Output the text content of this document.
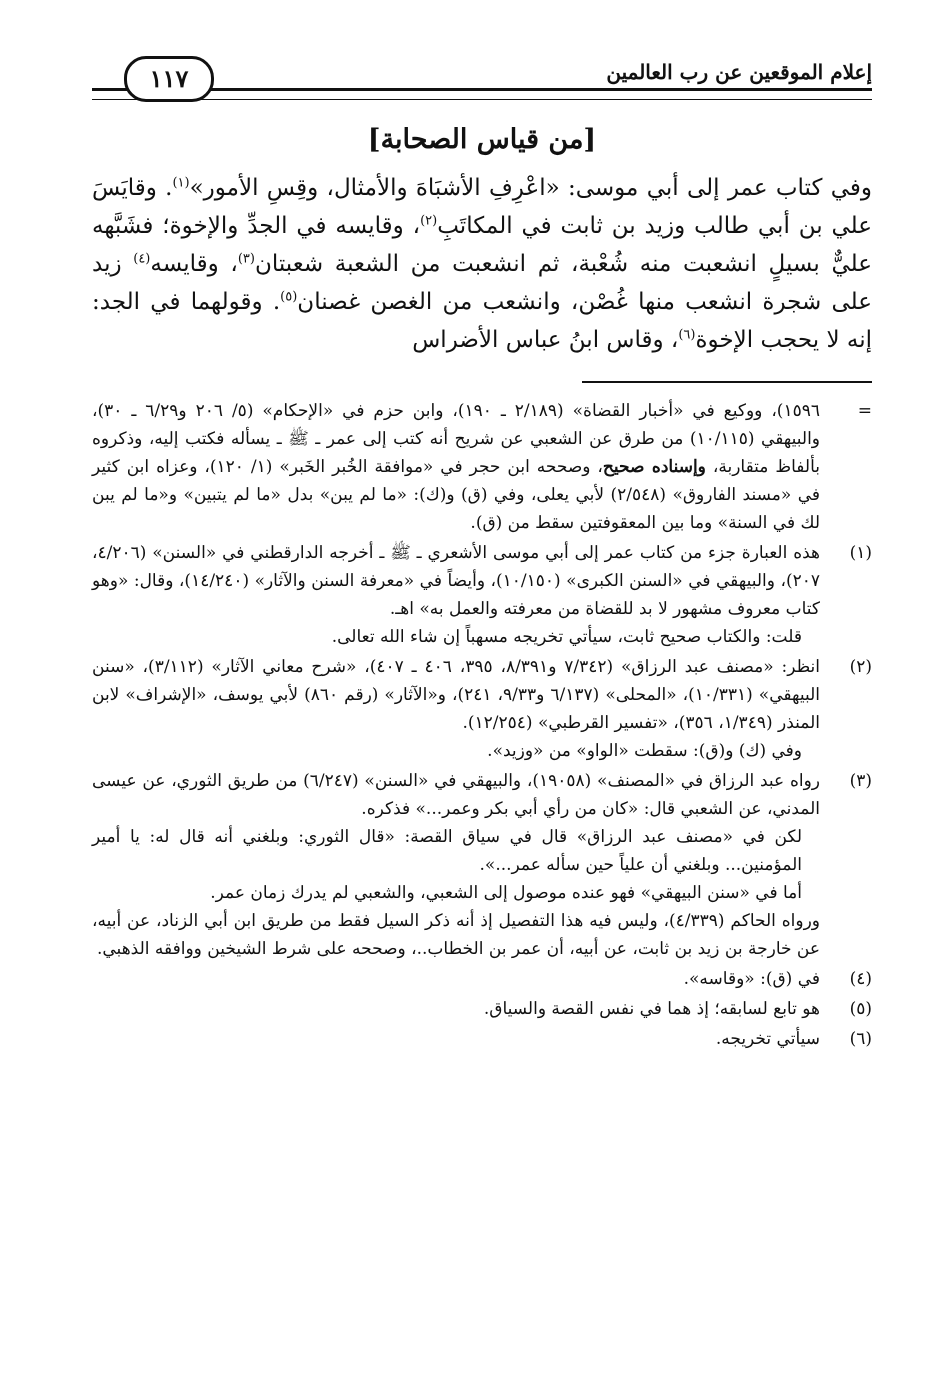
إعلام الموقعين عن رب العالمين
١١٧
[من قياس الصحابة]

وفي كتاب عمر إلى أبي موسى: «اعْرِفِ الأشبَاهَ والأمثال، وقِسِ الأمور»$^{(١)}$. وقايَسَ علي بن أبي طالب وزيد بن ثابت في المكاتَبِ$^{(٢)}$، وقايسه في الجدِّ والإخوة؛ فشَبَّهه عليٌّ بسيلٍ انشعبت منه شُعْبة، ثم انشعبت من الشعبة شعبتان$^{(٣)}$، وقايسه$^{(٤)}$ زيد على شجرة انشعب منها غُصْن، وانشعب من الغصن غصنان$^{(٥)}$. وقولهما في الجد: إنه لا يحجب الإخوة$^{(٦)}$، وقاس ابنُ عباس الأضراس

=

١٥٩٦)، ووكيع في «أخبار القضاة» (٢/١٨٩ ـ ١٩٠)، وابن حزم في «الإحكام» (٥/ ٢٠٦ و٦/٢٩ ـ ٣٠)، والبيهقي (١٠/١١٥) من طرق عن الشعبي عن شريح أنه كتب إلى عمر ـ ﷺ ـ يسأله فكتب إليه، وذكروه بألفاظ متقاربة، وإسناده صحيح، وصححه ابن حجر في «موافقة الخُبر الخَبر» (١/ ١٢٠)، وعزاه ابن كثير في «مسند الفاروق» (٢/٥٤٨) لأبي يعلى، وفي (ق) و(ك): «ما لم يبن» بدل «ما لم يتبين» و«ما لم يبن لك في السنة» وما بين المعقوفتين سقط من (ق).

(١)

هذه العبارة جزء من كتاب عمر إلى أبي موسى الأشعري ـ ﷺ ـ أخرجه الدارقطني في «السنن» (٤/٢٠٦، ٢٠٧)، والبيهقي في «السنن الكبرى» (١٠/١٥٠)، وأيضاً في «معرفة السنن والآثار» (١٤/٢٤٠)، وقال: «وهو كتاب معروف مشهور لا بد للقضاة من معرفته والعمل به» اهـ.

قلت: والكتاب صحيح ثابت، سيأتي تخريجه مسهباً إن شاء الله تعالى.

(٢)

انظر: «مصنف عبد الرزاق» (٧/٣٤٢ و٨/٣٩١، ٣٩٥، ٤٠٦ ـ ٤٠٧)، «شرح معاني الآثار» (٣/١١٢)، «سنن البيهقي» (١٠/٣٣١)، «المحلى» (٦/١٣٧ و٩/٣٣، ٢٤١)، و«الآثار» (رقم ٨٦٠) لأبي يوسف، «الإشراف» لابن المنذر (١/٣٤٩، ٣٥٦)، «تفسير القرطبي» (١٢/٢٥٤).

وفي (ك) و(ق): سقطت «الواو» من «وزيد».

(٣)

رواه عبد الرزاق في «المصنف» (١٩٠٥٨)، والبيهقي في «السنن» (٦/٢٤٧) من طريق الثوري، عن عيسى المدني، عن الشعبي قال: «كان من رأي أبي بكر وعمر...» فذكره.

لكن في «مصنف عبد الرزاق» قال في سياق القصة: «قال الثوري: وبلغني أنه قال له: يا أمير المؤمنين... وبلغني أن علياً حين سأله عمر...».

أما في «سنن البيهقي» فهو عنده موصول إلى الشعبي، والشعبي لم يدرك زمان عمر.

ورواه الحاكم (٤/٣٣٩)، وليس فيه هذا التفصيل إذ أنه ذكر السيل فقط من طريق ابن أبي الزناد، عن أبيه، عن خارجة بن زيد بن ثابت، عن أبيه، أن عمر بن الخطاب..، وصححه على شرط الشيخين ووافقه الذهبي.

(٤)

في (ق): «وقاسه».

(٥)

هو تابع لسابقه؛ إذ هما في نفس القصة والسياق.

(٦)

سيأتي تخريجه.
